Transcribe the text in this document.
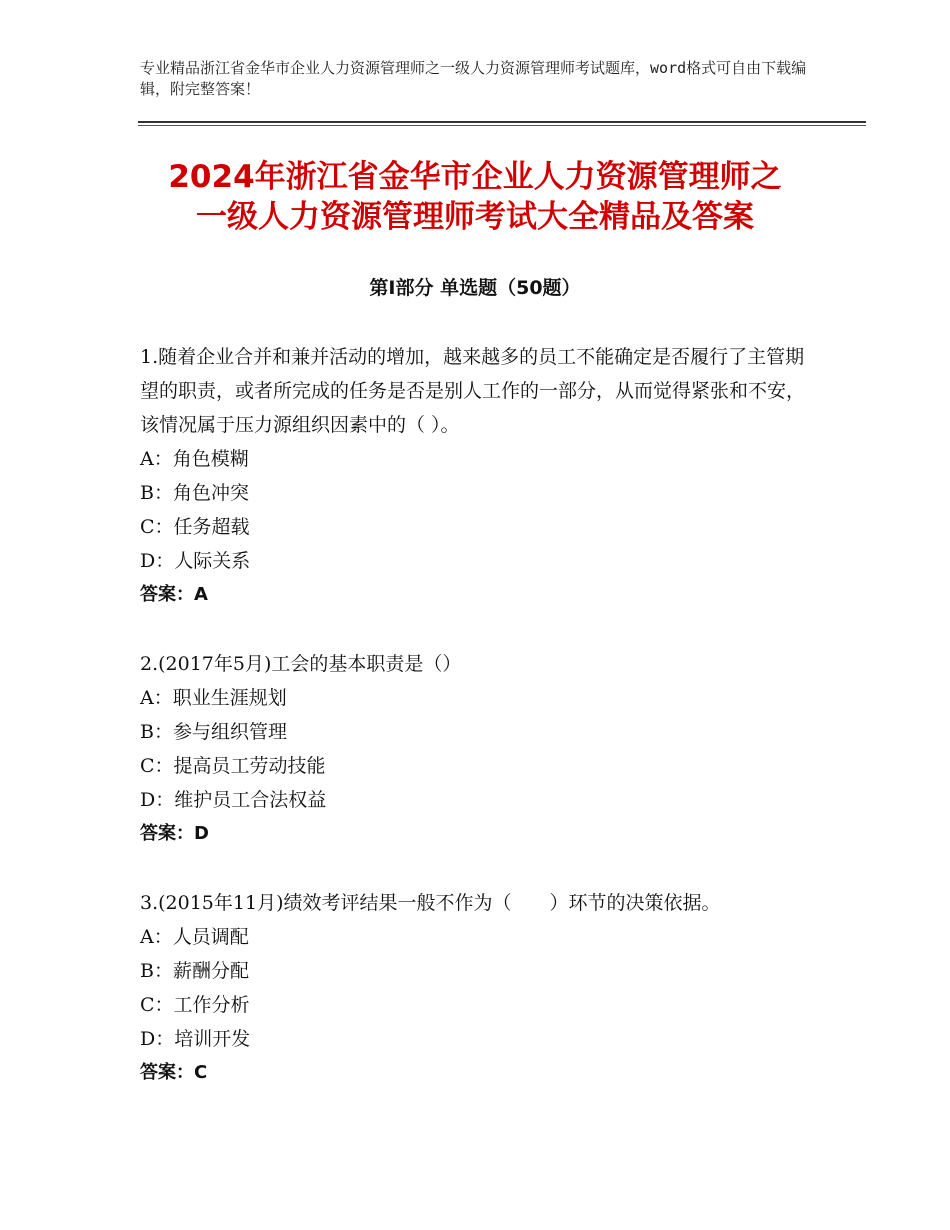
专业精品浙江省金华市企业人力资源管理师之一级人力资源管理师考试题库，word格式可自由下载编辑，附完整答案！
2024年浙江省金华市企业人力资源管理师之
一级人力资源管理师考试大全精品及答案
第Ⅰ部分 单选题（50题）
1.随着企业合并和兼并活动的增加，越来越多的员工不能确定是否履行了主管期望的职责，或者所完成的任务是否是别人工作的一部分，从而觉得紧张和不安，该情况属于压力源组织因素中的（ ）。
A：角色模糊
B：角色冲突
C：任务超载
D：人际关系
答案：A
2.(2017年5月)工会的基本职责是（）
A：职业生涯规划
B：参与组织管理
C：提高员工劳动技能
D：维护员工合法权益
答案：D
3.(2015年11月)绩效考评结果一般不作为（　　）环节的决策依据。
A：人员调配
B：薪酬分配
C：工作分析
D：培训开发
答案：C
